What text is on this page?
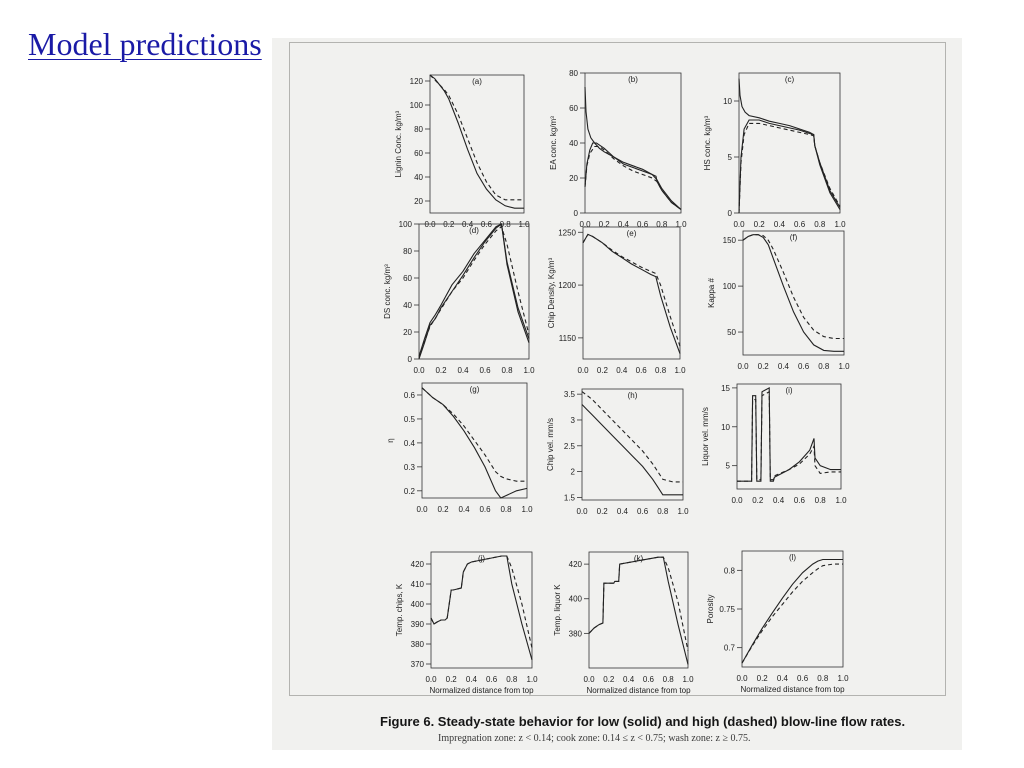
Model predictions
(a)
20
40
60
80
100
120
0.0 0.2 0.4 0.6 0.8 1.0
Lignin Conc. kg/m³
(b)
0
20
40
60
80
0.0 0.2 0.4 0.6 0.8 1.0
EA conc. kg/m³
(c)
0
5
10
0.0 0.2 0.4 0.6 0.8 1.0
HS conc. kg/m³
(d)
0
20
40
60
80
100
0.0 0.2 0.4 0.6 0.8 1.0
DS conc. kg/m³
(e)
1150
1200
1250
0.0 0.2 0.4 0.6 0.8 1.0
Chip Density, Kg/m³
(f)
50
100
150
0.0 0.2 0.4 0.6 0.8 1.0
Kappa #
(g)
0.2
0.3
0.4
0.5
0.6
0.0 0.2 0.4 0.6 0.8 1.0
η
(h)
1.5
2
2.5
3
3.5
0.0 0.2 0.4 0.6 0.8 1.0
Chip vel. mm/s
(i)
5
10
15
0.0 0.2 0.4 0.6 0.8 1.0
Liquor vel. mm/s
(j)
370
380
390
400
410
420
0.0 0.2 0.4 0.6 0.8 1.0
Temp. chips, K
Normalized distance from top
(k)
380
400
420
0.0 0.2 0.4 0.6 0.8 1.0
Temp. liquor K
Normalized distance from top
(l)
0.7
0.75
0.8
0.0 0.2 0.4 0.6 0.8 1.0
Porosity
Normalized distance from top
Figure 6. Steady-state behavior for low (solid) and high (dashed) blow-line flow rates.
Impregnation zone: z < 0.14; cook zone: 0.14 ≤ z < 0.75; wash zone: z ≥ 0.75.
